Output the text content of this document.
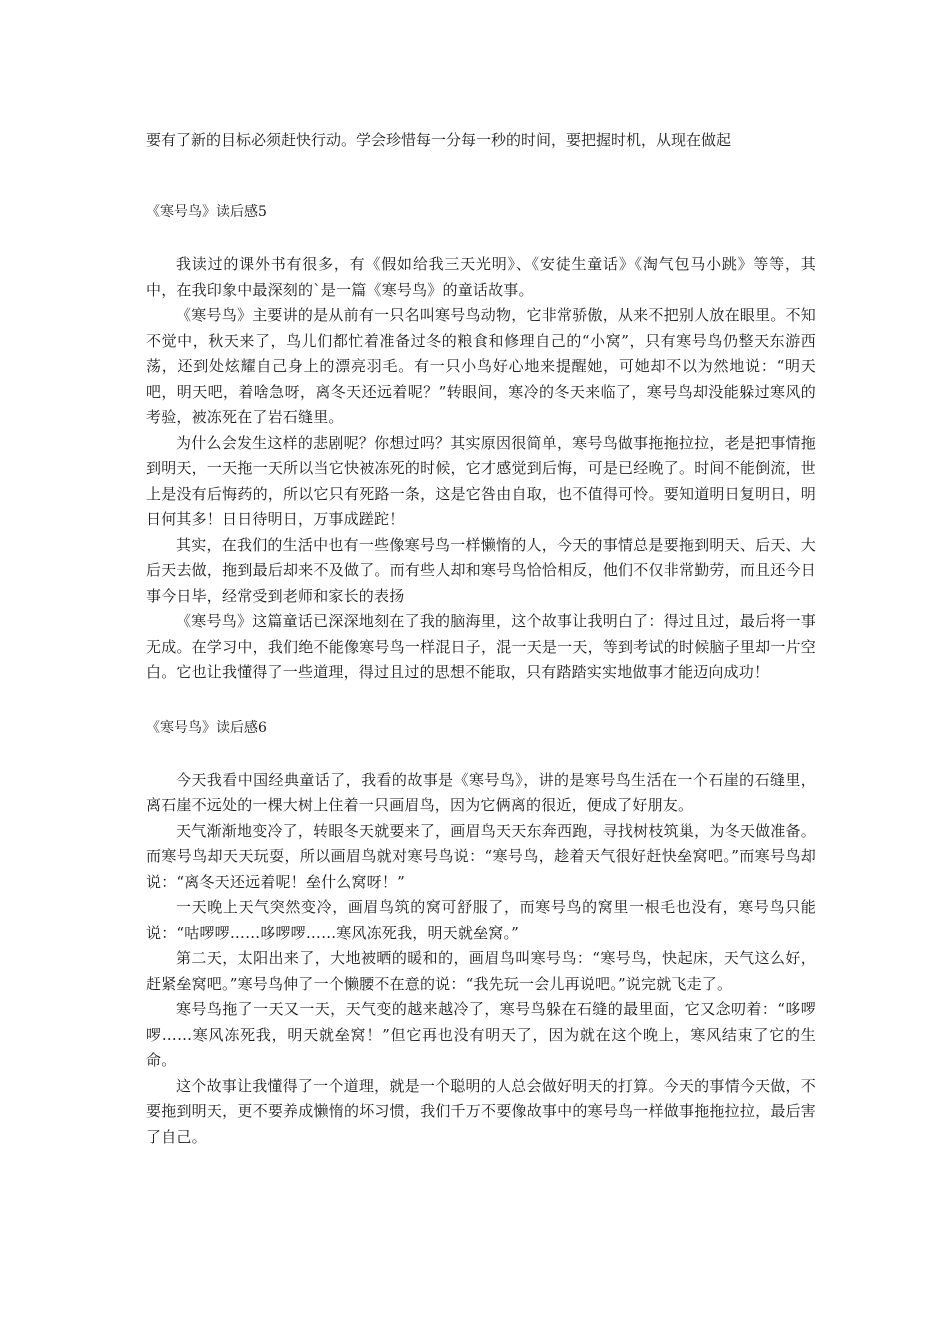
要有了新的目标必须赶快行动。学会珍惜每一分每一秒的时间，要把握时机，从现在做起

《寒号鸟》读后感5

我读过的课外书有很多，有《假如给我三天光明》、《安徒生童话》《淘气包马小跳》等等，其中，在我印象中最深刻的`是一篇《寒号鸟》的童话故事。

《寒号鸟》主要讲的是从前有一只名叫寒号鸟动物，它非常骄傲，从来不把别人放在眼里。不知不觉中，秋天来了，鸟儿们都忙着准备过冬的粮食和修理自己的“小窝”，只有寒号鸟仍整天东游西荡，还到处炫耀自己身上的漂亮羽毛。有一只小鸟好心地来提醒她，可她却不以为然地说：“明天吧，明天吧，着啥急呀，离冬天还远着呢？”转眼间，寒冷的冬天来临了，寒号鸟却没能躲过寒风的考验，被冻死在了岩石缝里。

为什么会发生这样的悲剧呢？你想过吗？其实原因很简单，寒号鸟做事拖拖拉拉，老是把事情拖到明天，一天拖一天所以当它快被冻死的时候，它才感觉到后悔，可是已经晚了。时间不能倒流，世上是没有后悔药的，所以它只有死路一条，这是它咎由自取，也不值得可怜。要知道明日复明日，明日何其多！日日待明日，万事成蹉跎！

其实，在我们的生活中也有一些像寒号鸟一样懒惰的人，今天的事情总是要拖到明天、后天、大后天去做，拖到最后却来不及做了。而有些人却和寒号鸟恰恰相反，他们不仅非常勤劳，而且还今日事今日毕，经常受到老师和家长的表扬

《寒号鸟》这篇童话已深深地刻在了我的脑海里，这个故事让我明白了：得过且过，最后将一事无成。在学习中，我们绝不能像寒号鸟一样混日子，混一天是一天，等到考试的时候脑子里却一片空白。它也让我懂得了一些道理，得过且过的思想不能取，只有踏踏实实地做事才能迈向成功！

《寒号鸟》读后感6

今天我看中国经典童话了，我看的故事是《寒号鸟》，讲的是寒号鸟生活在一个石崖的石缝里，离石崖不远处的一棵大树上住着一只画眉鸟，因为它俩离的很近，便成了好朋友。

天气渐渐地变冷了，转眼冬天就要来了，画眉鸟天天东奔西跑，寻找树枝筑巢，为冬天做准备。而寒号鸟却天天玩耍，所以画眉鸟就对寒号鸟说：“寒号鸟，趁着天气很好赶快垒窝吧。”而寒号鸟却说：“离冬天还远着呢！垒什么窝呀！”

一天晚上天气突然变冷，画眉鸟筑的窝可舒服了，而寒号鸟的窝里一根毛也没有，寒号鸟只能说：“咕啰啰……哆啰啰……寒风冻死我，明天就垒窝。”

第二天，太阳出来了，大地被晒的暖和的，画眉鸟叫寒号鸟：“寒号鸟，快起床，天气这么好，赶紧垒窝吧。”寒号鸟伸了一个懒腰不在意的说：“我先玩一会儿再说吧。”说完就飞走了。

寒号鸟拖了一天又一天，天气变的越来越冷了，寒号鸟躲在石缝的最里面，它又念叨着：“哆啰啰……寒风冻死我，明天就垒窝！”但它再也没有明天了，因为就在这个晚上，寒风结束了它的生命。

这个故事让我懂得了一个道理，就是一个聪明的人总会做好明天的打算。今天的事情今天做，不要拖到明天，更不要养成懒惰的坏习惯，我们千万不要像故事中的寒号鸟一样做事拖拖拉拉，最后害了自己。
